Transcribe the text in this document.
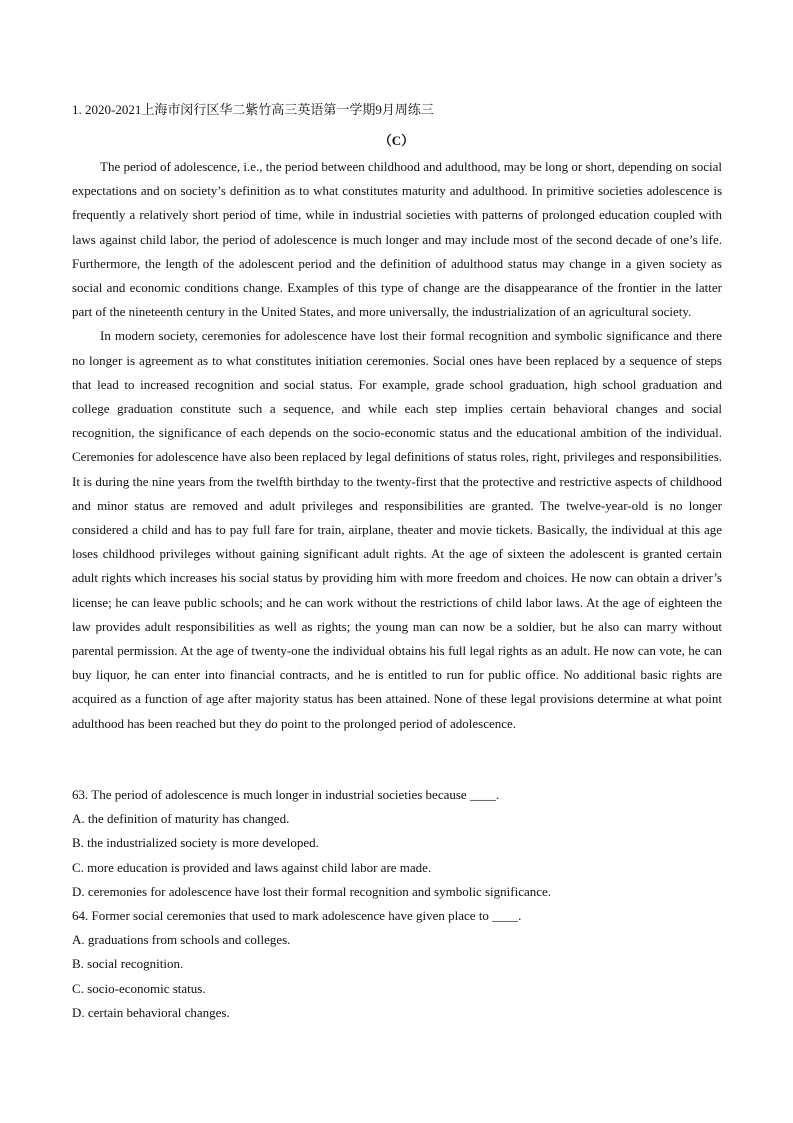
1. 2020-2021上海市闵行区华二紫竹高三英语第一学期9月周练三
（C）

The period of adolescence, i.e., the period between childhood and adulthood, may be long or short, depending on social expectations and on society’s definition as to what constitutes maturity and adulthood. In primitive societies adolescence is frequently a relatively short period of time, while in industrial societies with patterns of prolonged education coupled with laws against child labor, the period of adolescence is much longer and may include most of the second decade of one’s life. Furthermore, the length of the adolescent period and the definition of adulthood status may change in a given society as social and economic conditions change. Examples of this type of change are the disappearance of the frontier in the latter part of the nineteenth century in the United States, and more universally, the industrialization of an agricultural society.

In modern society, ceremonies for adolescence have lost their formal recognition and symbolic significance and there no longer is agreement as to what constitutes initiation ceremonies. Social ones have been replaced by a sequence of steps that lead to increased recognition and social status. For example, grade school graduation, high school graduation and college graduation constitute such a sequence, and while each step implies certain behavioral changes and social recognition, the significance of each depends on the socio-economic status and the educational ambition of the individual. Ceremonies for adolescence have also been replaced by legal definitions of status roles, right, privileges and responsibilities. It is during the nine years from the twelfth birthday to the twenty-first that the protective and restrictive aspects of childhood and minor status are removed and adult privileges and responsibilities are granted. The twelve-year-old is no longer considered a child and has to pay full fare for train, airplane, theater and movie tickets. Basically, the individual at this age loses childhood privileges without gaining significant adult rights. At the age of sixteen the adolescent is granted certain adult rights which increases his social status by providing him with more freedom and choices. He now can obtain a driver’s license; he can leave public schools; and he can work without the restrictions of child labor laws. At the age of eighteen the law provides adult responsibilities as well as rights; the young man can now be a soldier, but he also can marry without parental permission. At the age of twenty-one the individual obtains his full legal rights as an adult. He now can vote, he can buy liquor, he can enter into financial contracts, and he is entitled to run for public office. No additional basic rights are acquired as a function of age after majority status has been attained. None of these legal provisions determine at what point adulthood has been reached but they do point to the prolonged period of adolescence.

63. The period of adolescence is much longer in industrial societies because ____.
A. the definition of maturity has changed.
B. the industrialized society is more developed.
C. more education is provided and laws against child labor are made.
D. ceremonies for adolescence have lost their formal recognition and symbolic significance.
64. Former social ceremonies that used to mark adolescence have given place to ____.
A. graduations from schools and colleges.
B. social recognition.
C. socio-economic status.
D. certain behavioral changes.
